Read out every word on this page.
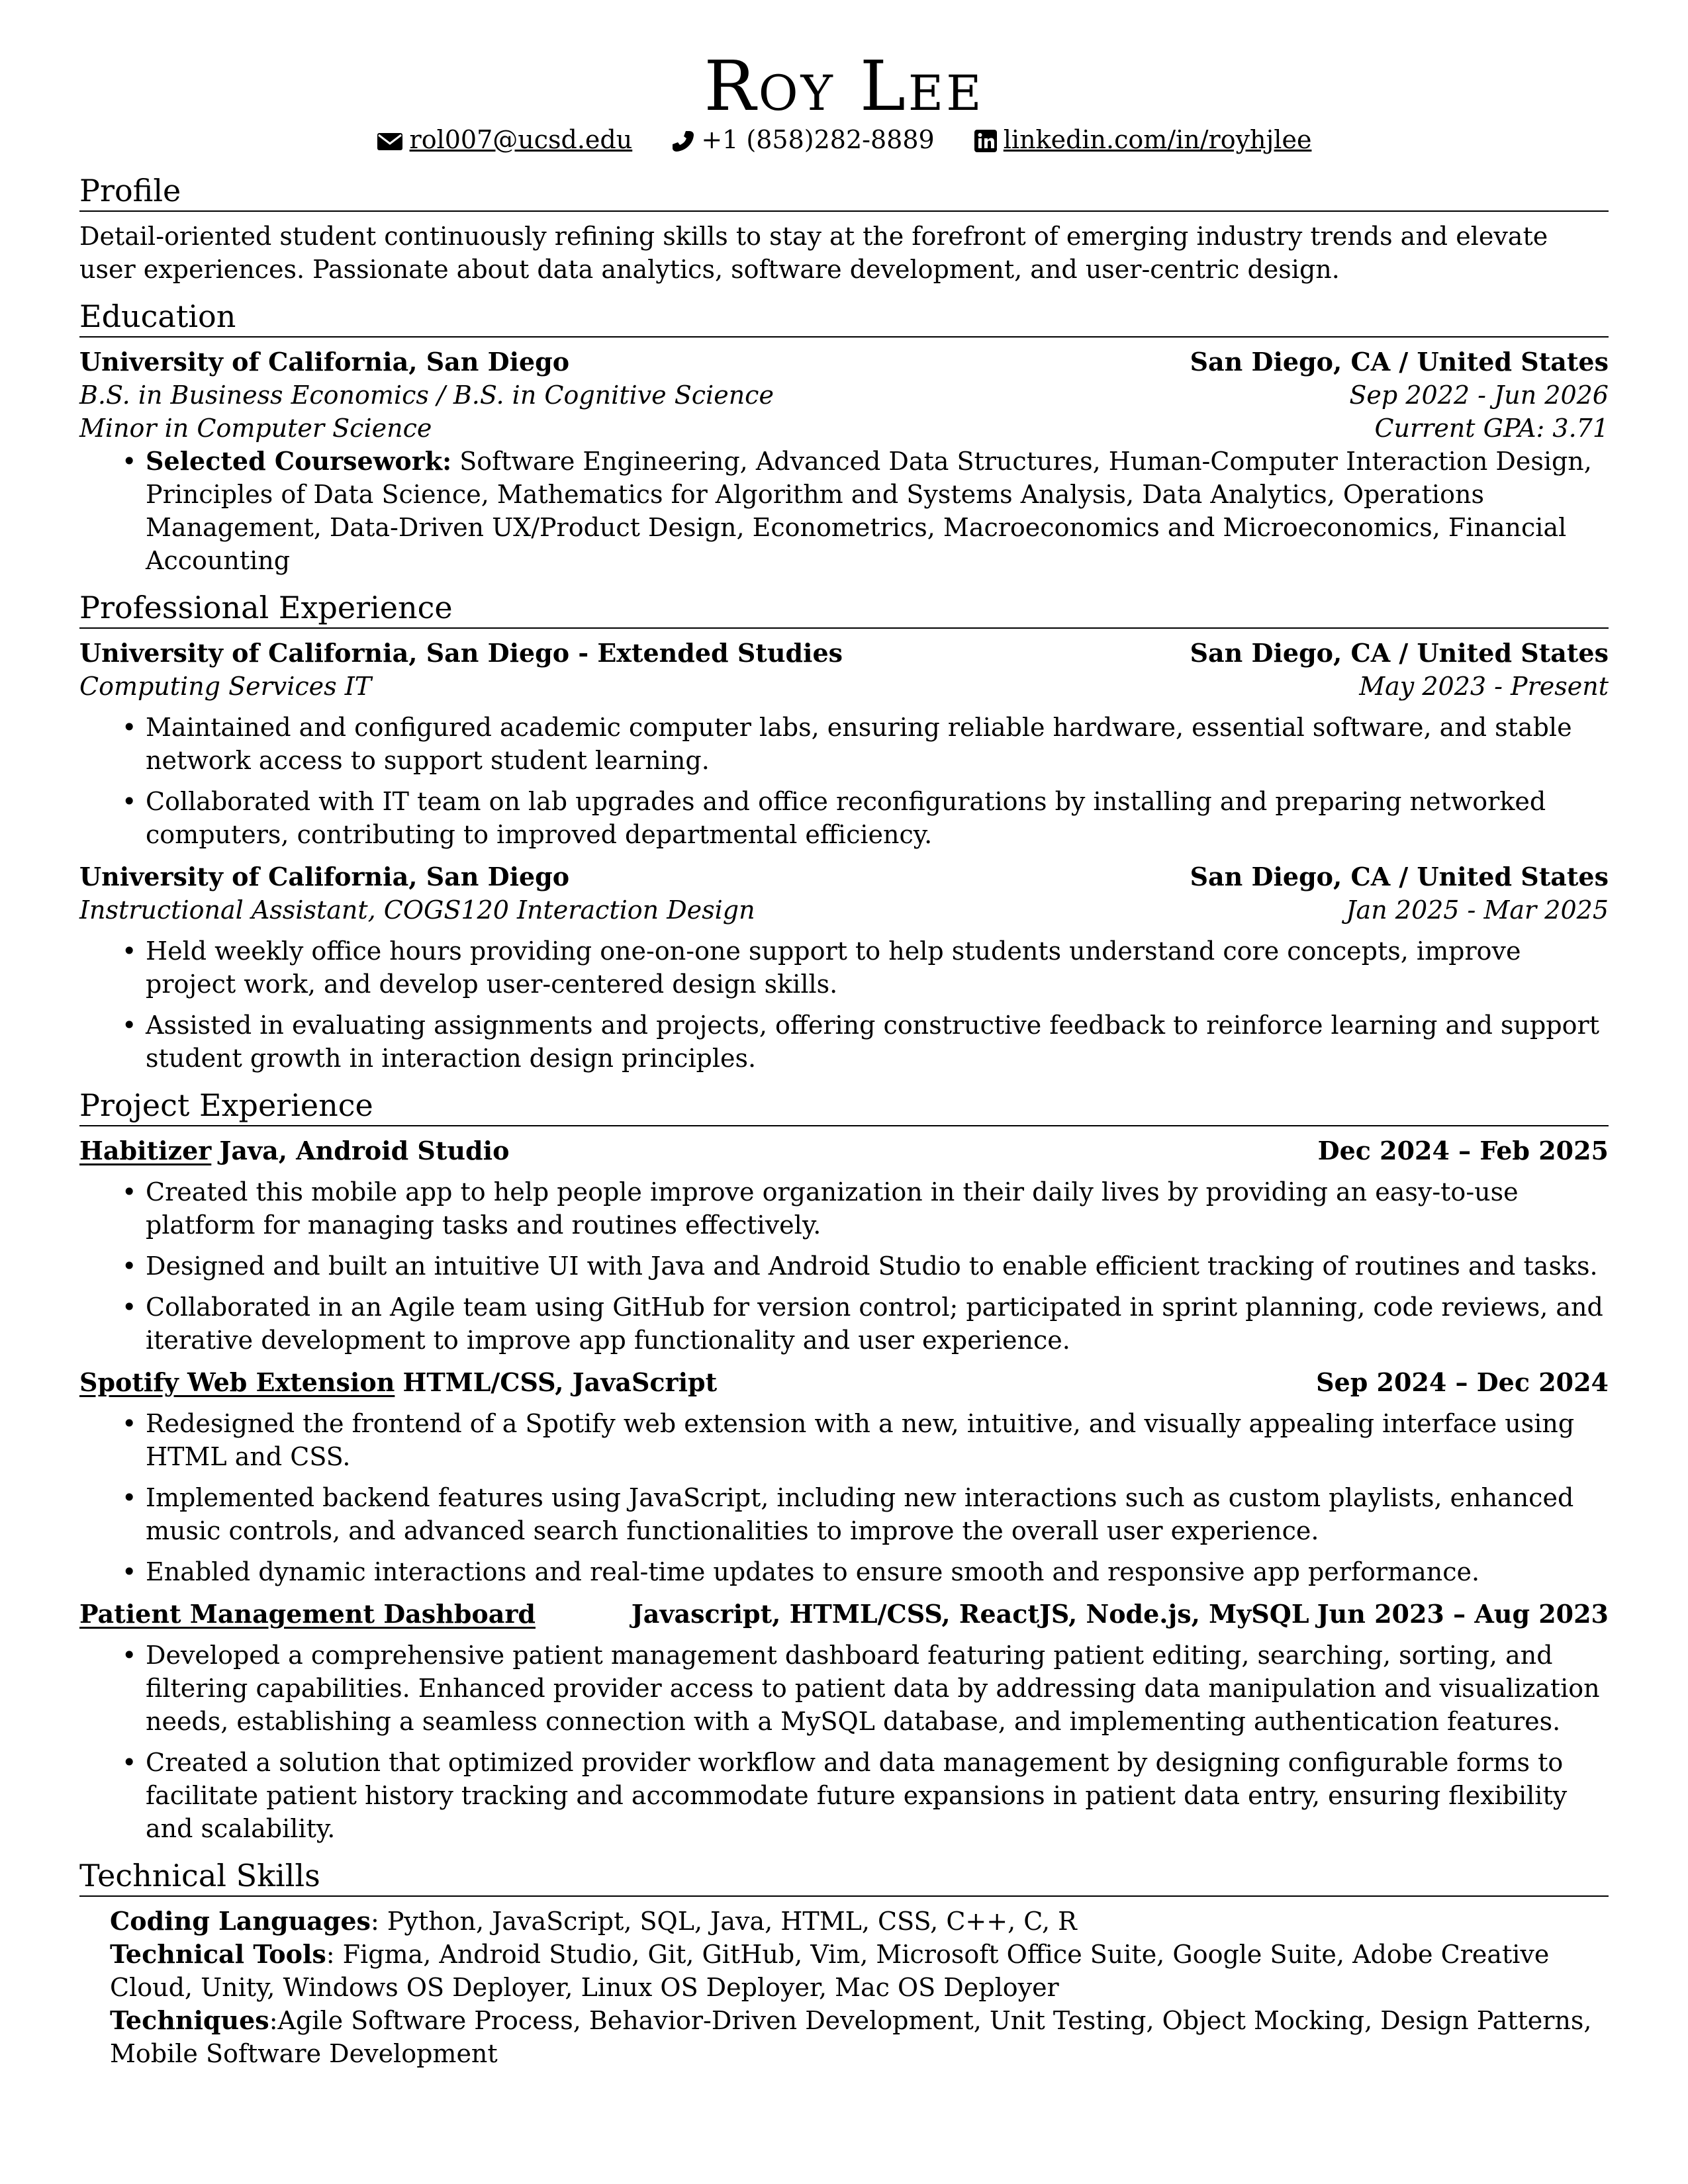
Roy Lee
rol007@ucsd.edu	+1 (858)282-8889	linkedin.com/in/royhjlee
Profile

Detail-oriented student continuously refining skills to stay at the forefront of emerging industry trends and elevate user experiences. Passionate about data analytics, software development, and user-centric design.

Education
University of California, San Diego	San Diego, CA / United States
B.S. in Business Economics / B.S. in Cognitive Science	Sep 2022 - Jun 2026
Minor in Computer Science	Current GPA: 3.71
• Selected Coursework: Software Engineering, Advanced Data Structures, Human-Computer Interaction Design, Principles of Data Science, Mathematics for Algorithm and Systems Analysis, Data Analytics, Operations Management, Data-Driven UX/Product Design, Econometrics, Macroeconomics and Microeconomics, Financial Accounting
Professional Experience
University of California, San Diego - Extended Studies	San Diego, CA / United States
Computing Services IT	May 2023 - Present
• Maintained and configured academic computer labs, ensuring reliable hardware, essential software, and stable network access to support student learning.
• Collaborated with IT team on lab upgrades and office reconfigurations by installing and preparing networked computers, contributing to improved departmental efficiency.
University of California, San Diego	San Diego, CA / United States
Instructional Assistant, COGS120 Interaction Design	Jan 2025 - Mar 2025
• Held weekly office hours providing one-on-one support to help students understand core concepts, improve project work, and develop user-centered design skills.
• Assisted in evaluating assignments and projects, offering constructive feedback to reinforce learning and support student growth in interaction design principles.
Project Experience
Habitizer Java, Android Studio	Dec 2024 – Feb 2025
• Created this mobile app to help people improve organization in their daily lives by providing an easy-to-use platform for managing tasks and routines effectively.
• Designed and built an intuitive UI with Java and Android Studio to enable efficient tracking of routines and tasks.
• Collaborated in an Agile team using GitHub for version control; participated in sprint planning, code reviews, and iterative development to improve app functionality and user experience.
Spotify Web Extension HTML/CSS, JavaScript	Sep 2024 – Dec 2024
• Redesigned the frontend of a Spotify web extension with a new, intuitive, and visually appealing interface using HTML and CSS.
• Implemented backend features using JavaScript, including new interactions such as custom playlists, enhanced music controls, and advanced search functionalities to improve the overall user experience.
• Enabled dynamic interactions and real-time updates to ensure smooth and responsive app performance.
Patient Management Dashboard	Javascript, HTML/CSS, ReactJS, Node.js, MySQL Jun 2023 – Aug 2023
• Developed a comprehensive patient management dashboard featuring patient editing, searching, sorting, and filtering capabilities. Enhanced provider access to patient data by addressing data manipulation and visualization needs, establishing a seamless connection with a MySQL database, and implementing authentication features.
• Created a solution that optimized provider workflow and data management by designing configurable forms to facilitate patient history tracking and accommodate future expansions in patient data entry, ensuring flexibility and scalability.
Technical Skills

Coding Languages: Python, JavaScript, SQL, Java, HTML, CSS, C++, C, R

Technical Tools: Figma, Android Studio, Git, GitHub, Vim, Microsoft Office Suite, Google Suite, Adobe Creative Cloud, Unity, Windows OS Deployer, Linux OS Deployer, Mac OS Deployer

Techniques:Agile Software Process, Behavior-Driven Development, Unit Testing, Object Mocking, Design Patterns, Mobile Software Development
